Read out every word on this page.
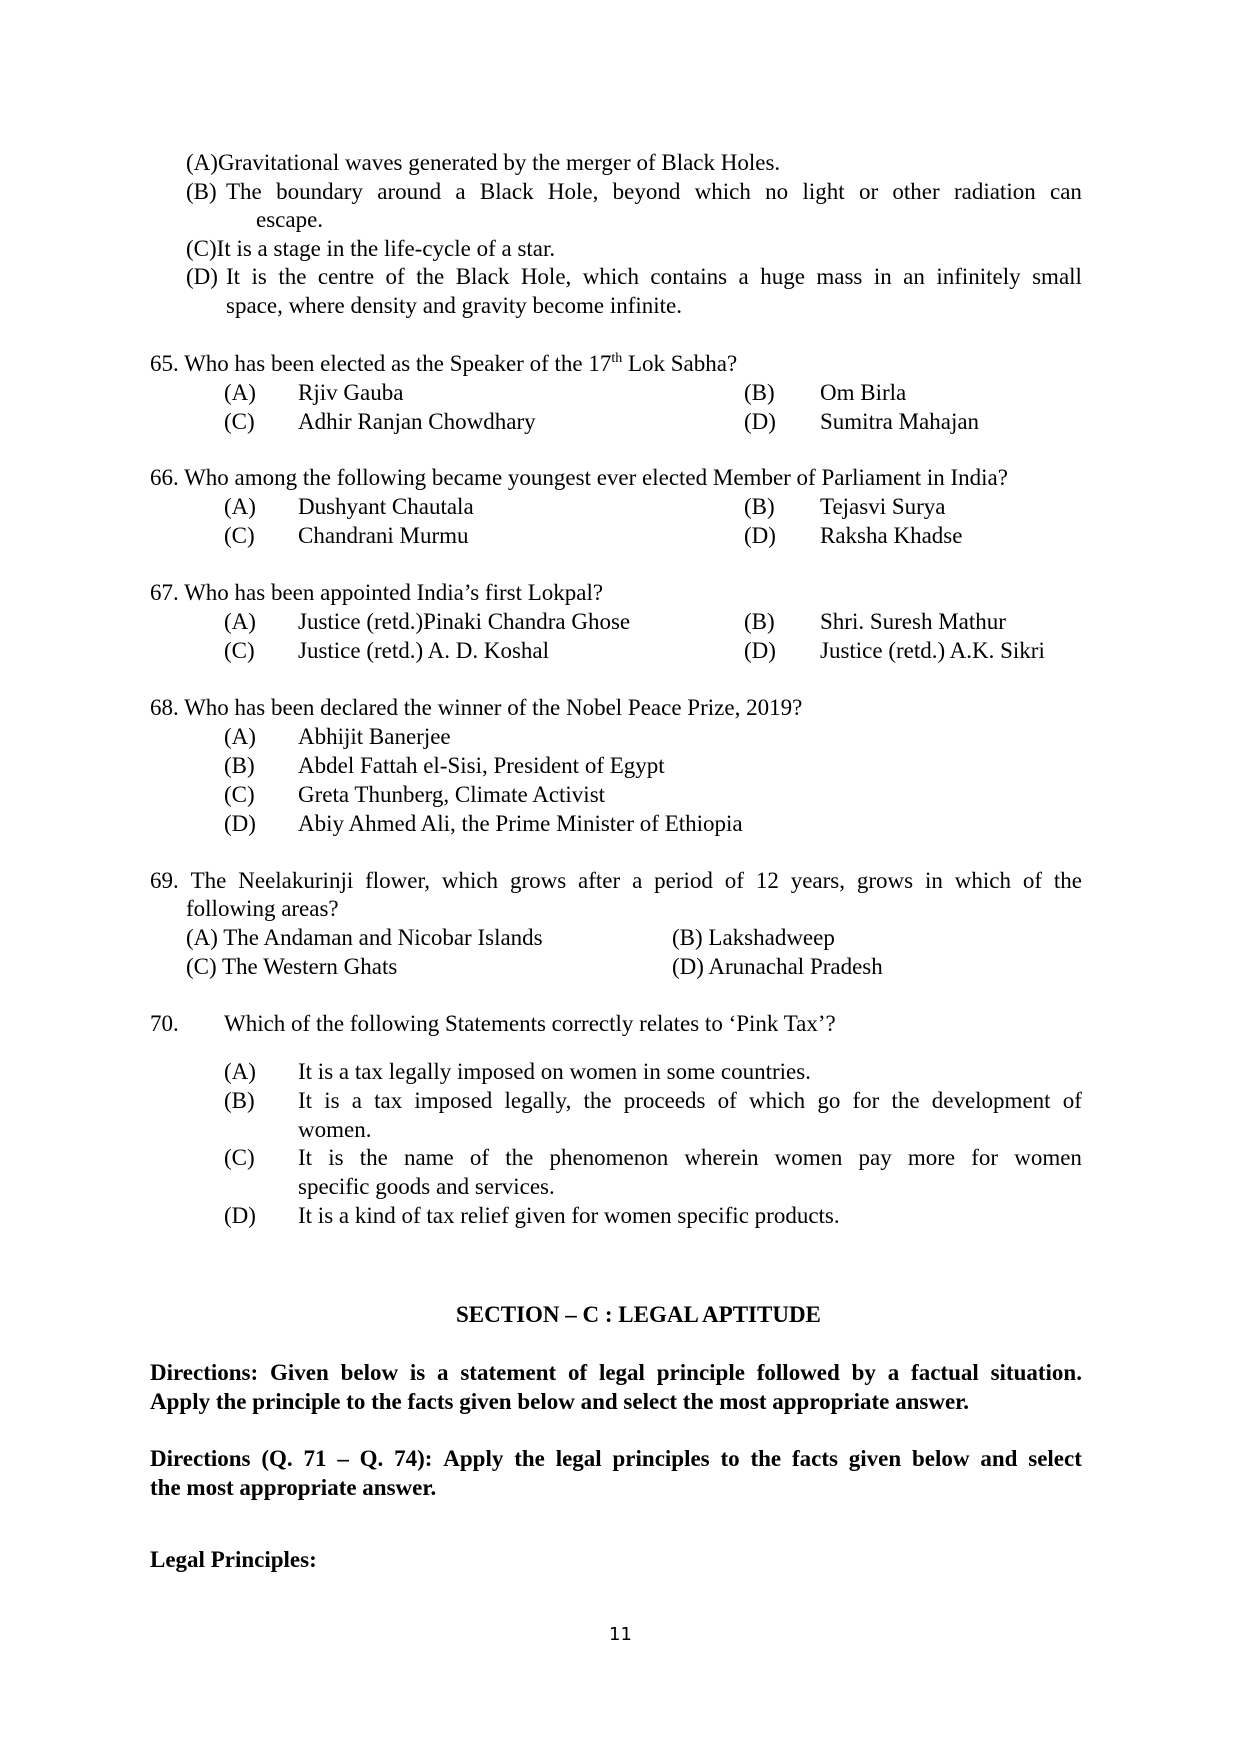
(A)Gravitational waves generated by the merger of Black Holes.
(B) The boundary around a Black Hole, beyond which no light or other radiation can
escape.
(C)It is a stage in the life-cycle of a star.
(D) It is the centre of the Black Hole, which contains a huge mass in an infinitely small
space, where density and gravity become infinite.
65. Who has been elected as the Speaker of the 17th Lok Sabha?
(A) Rjiv Gauba	(B) Om Birla
(C) Adhir Ranjan Chowdhary	(D) Sumitra Mahajan
66. Who among the following became youngest ever elected Member of Parliament in India?
(A) Dushyant Chautala	(B) Tejasvi Surya
(C) Chandrani Murmu	(D) Raksha Khadse
67. Who has been appointed India’s first Lokpal?
(A) Justice (retd.)Pinaki Chandra Ghose	(B) Shri. Suresh Mathur
(C) Justice (retd.) A. D. Koshal	(D) Justice (retd.) A.K. Sikri
68. Who has been declared the winner of the Nobel Peace Prize, 2019?
(A) Abhijit Banerjee
(B) Abdel Fattah el-Sisi, President of Egypt
(C) Greta Thunberg, Climate Activist
(D) Abiy Ahmed Ali, the Prime Minister of Ethiopia
69. The Neelakurinji flower, which grows after a period of 12 years, grows in which of the
following areas?
(A) The Andaman and Nicobar Islands	(B) Lakshadweep
(C) The Western Ghats	(D) Arunachal Pradesh
70. Which of the following Statements correctly relates to ‘Pink Tax’?
(A) It is a tax legally imposed on women in some countries.
(B) It is a tax imposed legally, the proceeds of which go for the development of
women.
(C) It is the name of the phenomenon wherein women pay more for women
specific goods and services.
(D) It is a kind of tax relief given for women specific products.
SECTION – C : LEGAL APTITUDE
Directions: Given below is a statement of legal principle followed by a factual situation.
Apply the principle to the facts given below and select the most appropriate answer.
Directions (Q. 71 – Q. 74): Apply the legal principles to the facts given below and select
the most appropriate answer.
Legal Principles:
11
